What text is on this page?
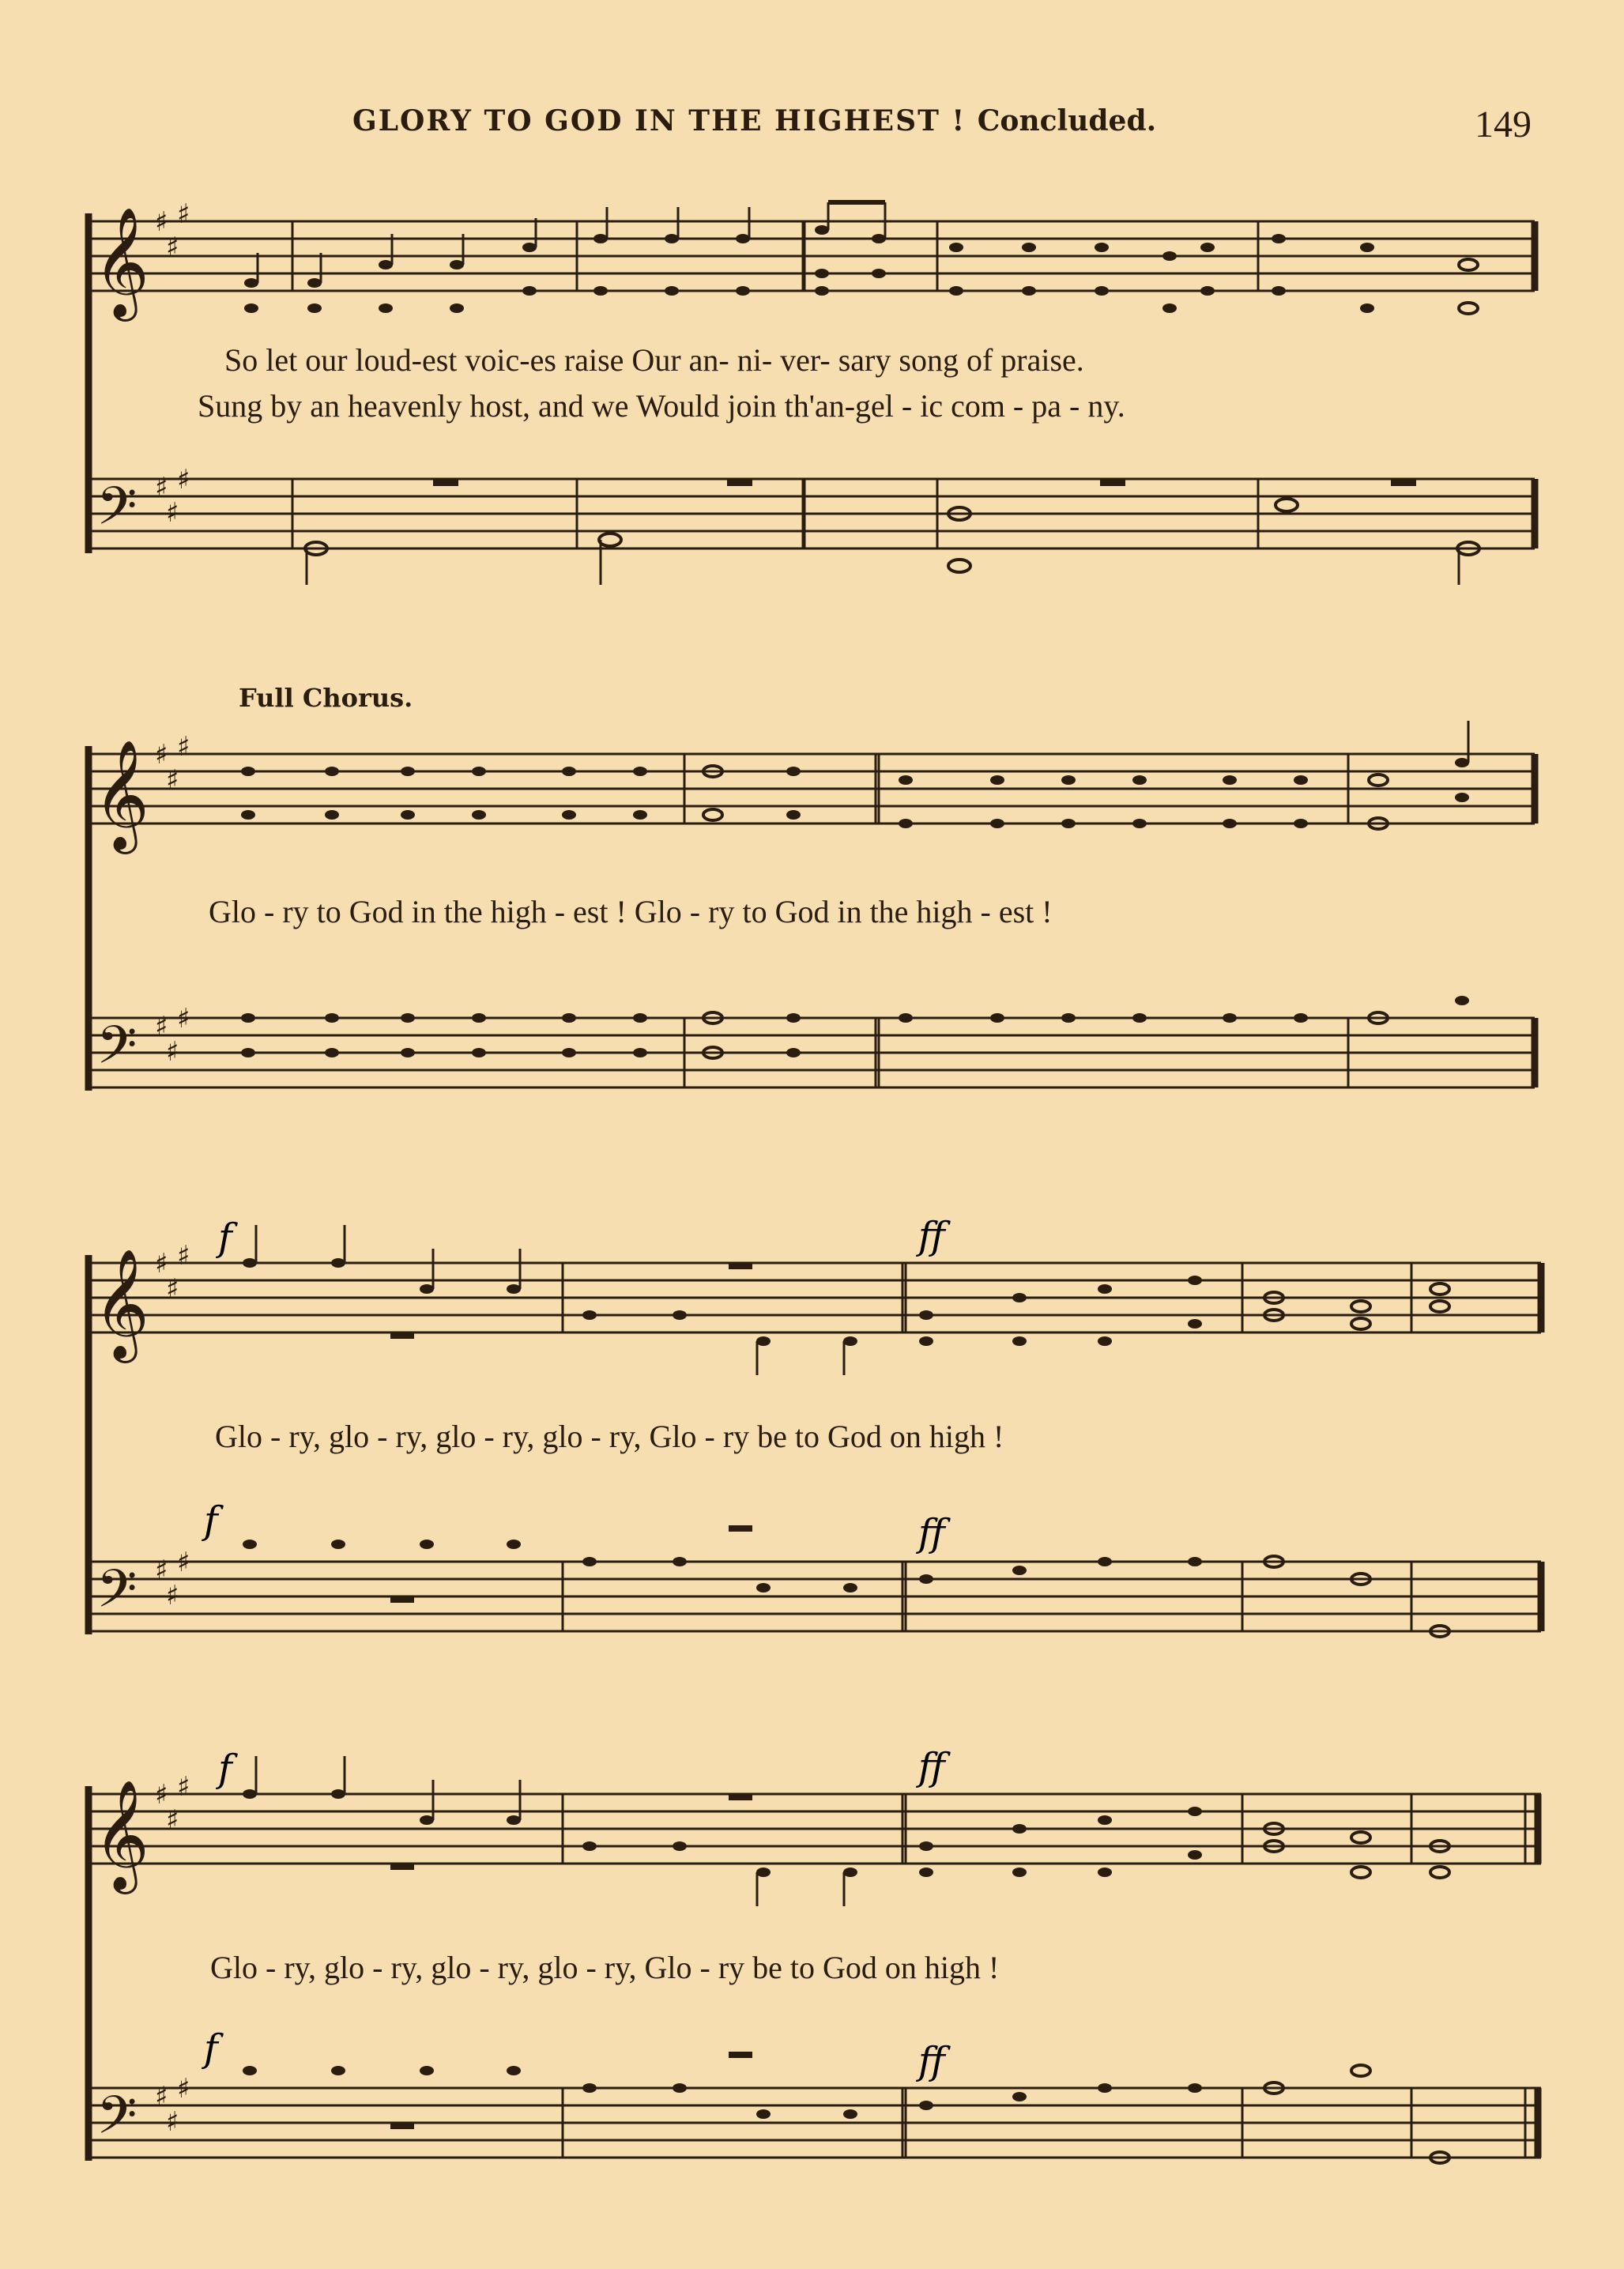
GLORY TO GOD IN THE HIGHEST ! Concluded.	149
𝄞
𝄢
♯
♯
♯
♯
♯
♯
So let our loud-est voic-es raise Our an- ni- ver- sary song of praise.
Sung by an heavenly host, and we Would join th'an-gel - ic com - pa - ny.
Full Chorus.
𝄞
𝄢
♯
♯
♯
♯
♯
♯
Glo - ry to God in the high - est ! Glo - ry to God in the high - est !
𝄞
𝄢
♯
♯
♯
♯
♯
♯
f	ff
f	ff
Glo - ry, glo - ry, glo - ry, glo - ry, Glo - ry be to God on high !
𝄞
𝄢
♯
♯
♯
♯
♯
♯
f	ff
f	ff
Glo - ry, glo - ry, glo - ry, glo - ry, Glo - ry be to God on high !
